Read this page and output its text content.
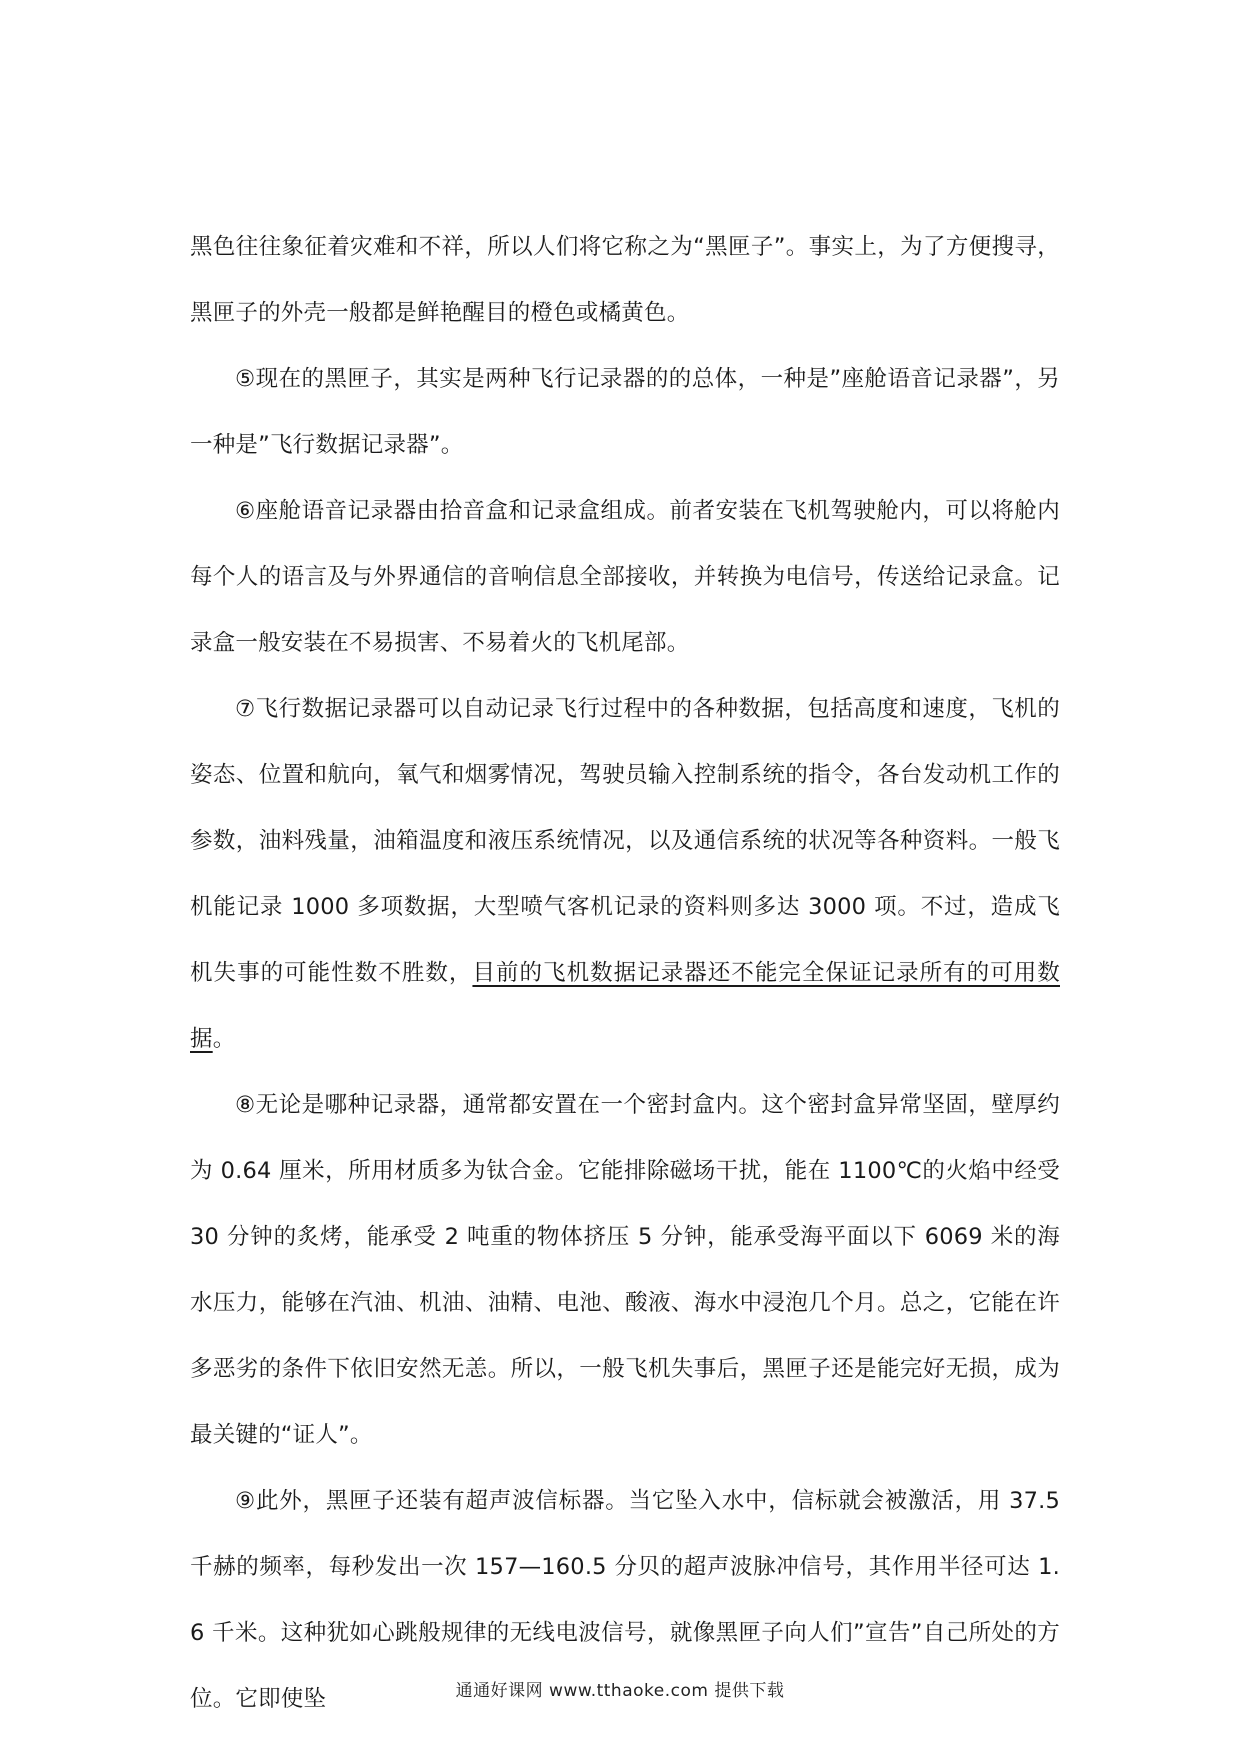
黑色往往象征着灾难和不祥，所以人们将它称之为“黑匣子”。事实上，为了方便搜寻，黑匣子的外壳一般都是鲜艳醒目的橙色或橘黄色。

⑤现在的黑匣子，其实是两种飞行记录器的的总体，一种是”座舱语音记录器”，另一种是”飞行数据记录器”。

⑥座舱语音记录器由拾音盒和记录盒组成。前者安装在飞机驾驶舱内，可以将舱内每个人的语言及与外界通信的音响信息全部接收，并转换为电信号，传送给记录盒。记录盒一般安装在不易损害、不易着火的飞机尾部。

⑦飞行数据记录器可以自动记录飞行过程中的各种数据，包括高度和速度，飞机的姿态、位置和航向，氧气和烟雾情况，驾驶员输入控制系统的指令，各台发动机工作的参数，油料残量，油箱温度和液压系统情况，以及通信系统的状况等各种资料。一般飞机能记录 1000 多项数据，大型喷气客机记录的资料则多达 3000 项。不过，造成飞机失事的可能性数不胜数，目前的飞机数据记录器还不能完全保证记录所有的可用数据。

⑧无论是哪种记录器，通常都安置在一个密封盒内。这个密封盒异常坚固，壁厚约为 0.64 厘米，所用材质多为钛合金。它能排除磁场干扰，能在 1100℃的火焰中经受 30 分钟的炙烤，能承受 2 吨重的物体挤压 5 分钟，能承受海平面以下 6069 米的海水压力，能够在汽油、机油、油精、电池、酸液、海水中浸泡几个月。总之，它能在许多恶劣的条件下依旧安然无恙。所以，一般飞机失事后，黑匣子还是能完好无损，成为最关键的“证人”。

⑨此外，黑匣子还装有超声波信标器。当它坠入水中，信标就会被激活，用 37.5 千赫的频率，每秒发出一次 157—160.5 分贝的超声波脉冲信号，其作用半径可达 1.6 千米。这种犹如心跳般规律的无线电波信号，就像黑匣子向人们”宣告”自己所处的方位。它即使坠	通通好课网 www.tthaoke.com 提供下载
